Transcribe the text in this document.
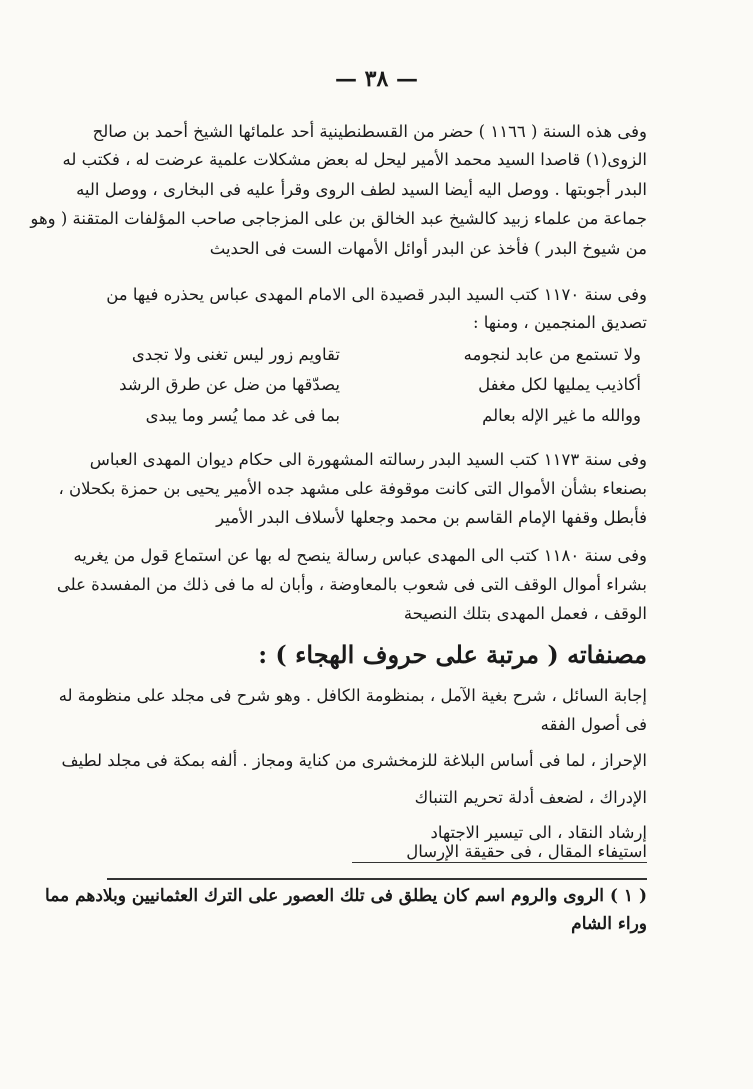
— ٣٨ —
وفى هذه السنة ( ١١٦٦ ) حضر من القسطنطينية أحد علمائها الشيخ أحمد بن صالح
الزوى(١) قاصدا السيد محمد الأمير ليحل له بعض مشكلات علمية عرضت له ، فكتب له
البدر أجوبتها . ووصل اليه أيضا السيد لطف الروى وقرأ عليه فى البخارى ، ووصل اليه
جماعة من علماء زبيد كالشيخ عبد الخالق بن على المزجاجى صاحب المؤلفات المتقنة ( وهو
من شيوخ البدر ) فأخذ عن البدر أوائل الأمهات الست فى الحديث
وفى سنة ١١٧٠ كتب السيد البدر قصيدة الى الامام المهدى عباس يحذره فيها من
تصديق المنجمين ، ومنها :
ولا تستمع من عابد لنجومه
تقاويم زور ليس تغنى ولا تجدى
أكاذيب يمليها لكل مغفل
يصدّقها من ضل عن طرق الرشد
ووالله ما غير الإله بعالم
بما فى غد مما يُسر وما يبدى
وفى سنة ١١٧٣ كتب السيد البدر رسالته المشهورة الى حكام ديوان المهدى العباس
بصنعاء بشأن الأموال التى كانت موقوفة على مشهد جده الأمير يحيى بن حمزة بكحلان ،
فأبطل وقفها الإمام القاسم بن محمد وجعلها لأسلاف البدر الأمير
وفى سنة ١١٨٠ كتب الى المهدى عباس رسالة ينصح له بها عن استماع قول من يغريه
بشراء أموال الوقف التى فى شعوب بالمعاوضة ، وأبان له ما فى ذلك من المفسدة على
الوقف ، فعمل المهدى بتلك النصيحة
مصنفاته ( مرتبة على حروف الهجاء ) :
إجابة السائل ، شرح بغية الآمل ، بمنظومة الكافل . وهو شرح فى مجلد على منظومة له
فى أصول الفقه
الإحراز ، لما فى أساس البلاغة للزمخشرى من كناية ومجاز . ألفه بمكة فى مجلد لطيف
الإدراك ، لضعف أدلة تحريم التنباك
إرشاد النقاد ، الى تيسير الاجتهاد
استيفاء المقال ، فى حقيقة الإرسال
( ١ ) الروى والروم اسم كان يطلق فى تلك العصور على الترك العثمانيين وبلادهم مما
وراء الشام
